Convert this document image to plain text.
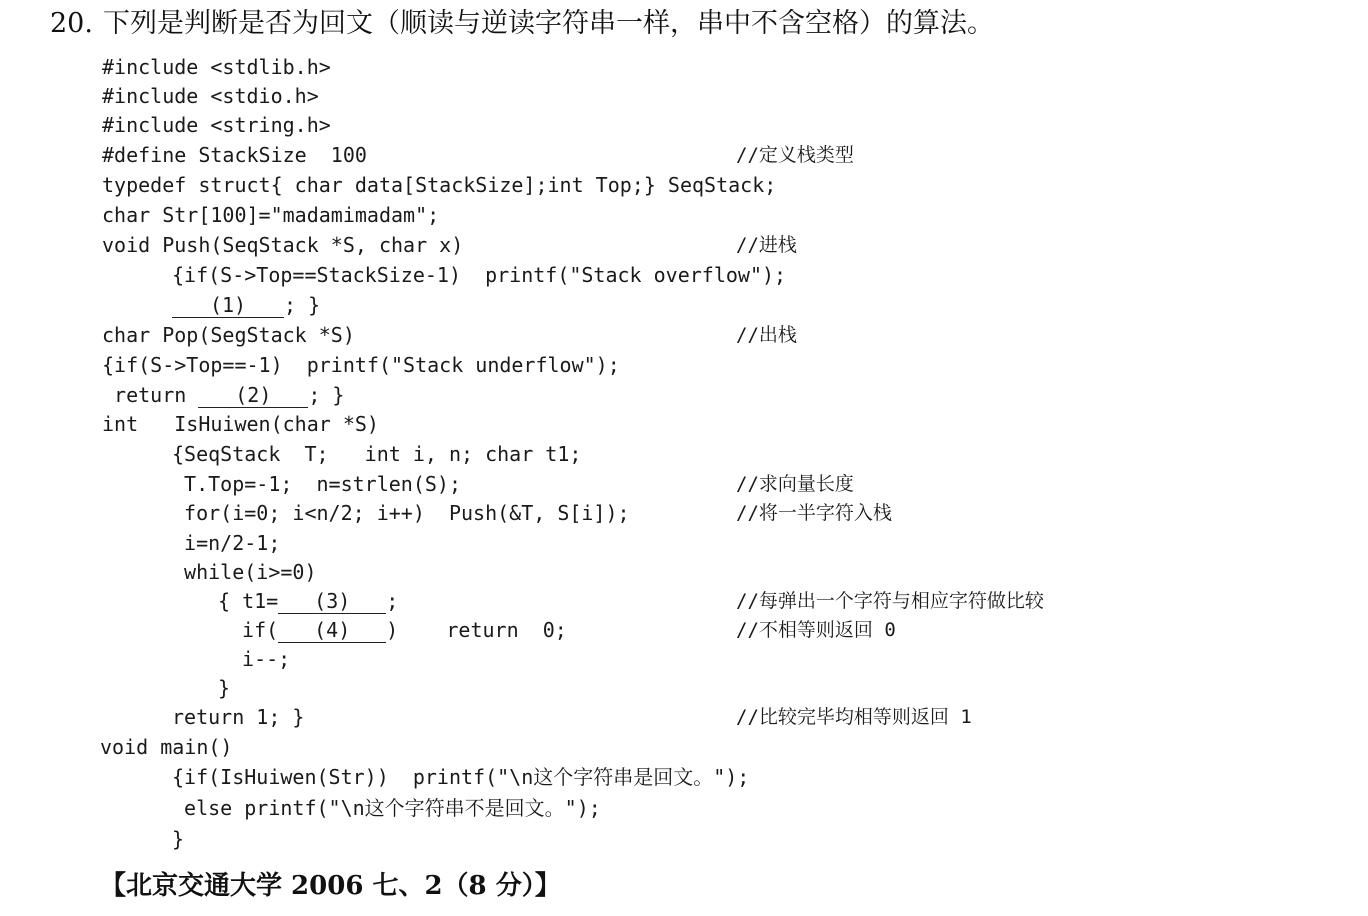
20. 下列是判断是否为回文（顺读与逆读字符串一样，串中不含空格）的算法。
#include <stdlib.h>
#include <stdio.h>
#include <string.h>
#define StackSize  100	//定义栈类型
typedef struct{ char data[StackSize];int Top;} SeqStack;
char Str[100]="madamimadam";
void Push(SeqStack *S, char x)	//进栈
{if(S->Top==StackSize-1)  printf("Stack overflow");
(1) ; }
char Pop(SegStack *S)	//出栈
{if(S->Top==-1)  printf("Stack underflow");
return (2) ; }
int   IsHuiwen(char *S)
{SeqStack  T;   int i, n; char t1;
T.Top=-1;  n=strlen(S);	//求向量长度
for(i=0; i<n/2; i++)  Push(&T, S[i]);	//将一半字符入栈
i=n/2-1;
while(i>=0)
{ t1= (3) ;	//每弹出一个字符与相应字符做比较
if( (4) )    return  0;	//不相等则返回 0
i--;
}
return 1; }	//比较完毕均相等则返回 1
void main()
{if(IsHuiwen(Str))  printf("\n这个字符串是回文。");
else printf("\n这个字符串不是回文。");
}
【北京交通大学 2006 七、2（8 分）】
